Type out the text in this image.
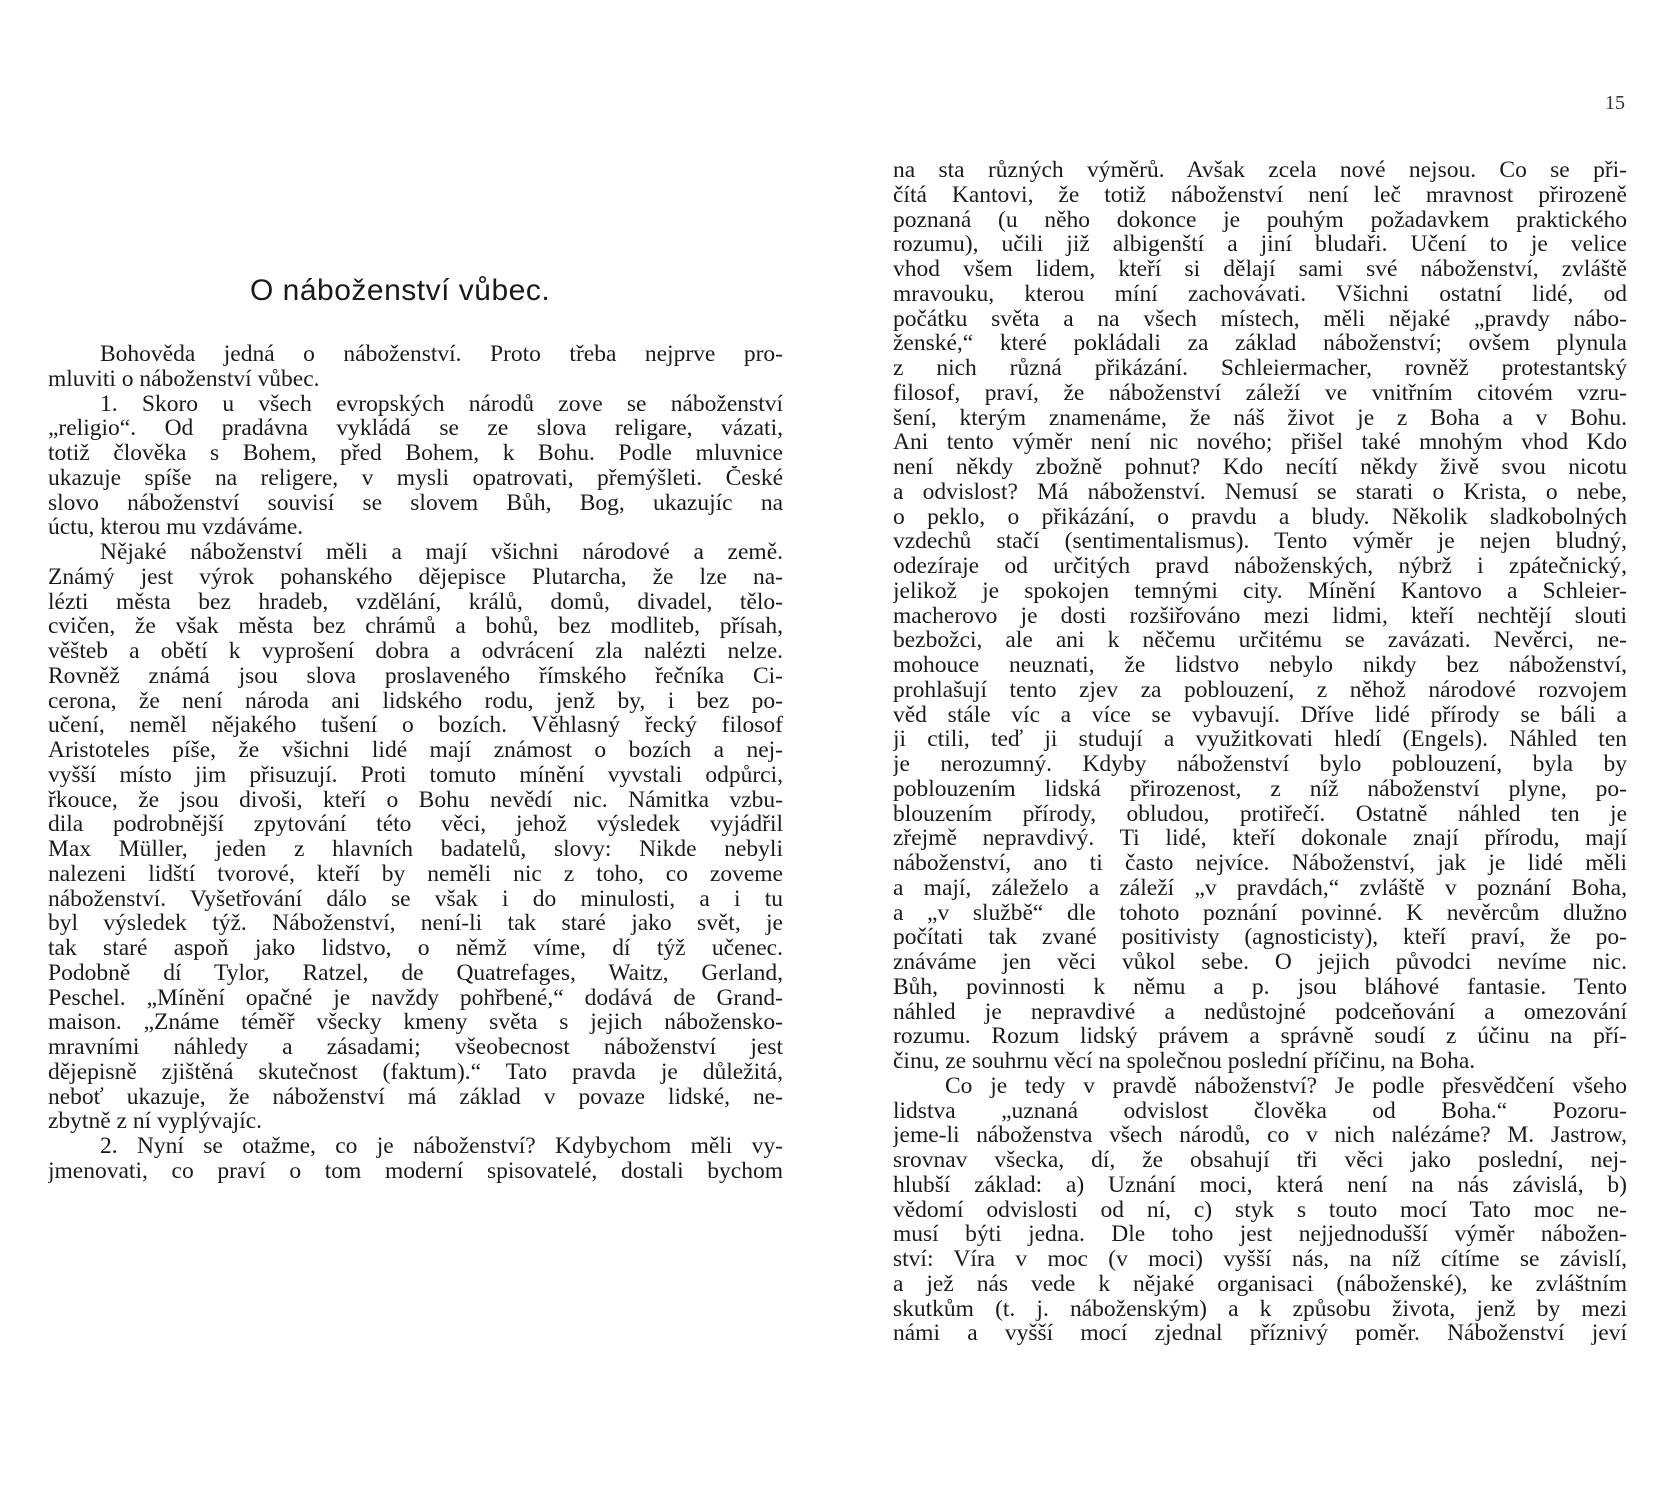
15
Bohověda jedná o náboženství. Proto třeba nejprve pro-
mluviti o náboženství vůbec.
1. Skoro u všech evropských národů zove se náboženství
„religio“. Od pradávna vykládá se ze slova religare, vázati,
totiž člověka s Bohem, před Bohem, k Bohu. Podle mluvnice
ukazuje spíše na religere, v mysli opatrovati, přemýšleti. České
slovo náboženství souvisí se slovem Bůh, Bog, ukazujíc na
úctu, kterou mu vzdáváme.
Nějaké náboženství měli a mají všichni národové a země.
Známý jest výrok pohanského dějepisce Plutarcha, že lze na-
lézti města bez hradeb, vzdělání, králů, domů, divadel, tělo-
cvičen, že však města bez chrámů a bohů, bez modliteb, přísah,
věšteb a obětí k vyprošení dobra a odvrácení zla nalézti nelze.
Rovněž známá jsou slova proslaveného římského řečníka Ci-
cerona, že není národa ani lidského rodu, jenž by, i bez po-
učení, neměl nějakého tušení o bozích. Věhlasný řecký filosof
Aristoteles píše, že všichni lidé mají známost o bozích a nej-
vyšší místo jim přisuzují. Proti tomuto mínění vyvstali odpůrci,
řkouce, že jsou divoši, kteří o Bohu nevědí nic. Námitka vzbu-
dila podrobnější zpytování této věci, jehož výsledek vyjádřil
Max Müller, jeden z hlavních badatelů, slovy: Nikde nebyli
nalezeni lidští tvorové, kteří by neměli nic z toho, co zoveme
náboženství. Vyšetřování dálo se však i do minulosti, a i tu
byl výsledek týž. Náboženství, není-li tak staré jako svět, je
tak staré aspoň jako lidstvo, o němž víme, dí týž učenec.
Podobně dí Tylor, Ratzel, de Quatrefages, Waitz, Gerland,
Peschel. „Mínění opačné je navždy pohřbené,“ dodává de Grand-
maison. „Známe téměř všecky kmeny světa s jejich nábožensko-
mravními náhledy a zásadami; všeobecnost náboženství jest
dějepisně zjištěná skutečnost (faktum).“ Tato pravda je důležitá,
neboť ukazuje, že náboženství má základ v povaze lidské, ne-
zbytně z ní vyplývajíc.
2. Nyní se otažme, co je náboženství? Kdybychom měli vy-
jmenovati, co praví o tom moderní spisovatelé, dostali bychom
O náboženství vůbec.
na sta různých výměrů. Avšak zcela nové nejsou. Co se při-
čítá Kantovi, že totiž náboženství není leč mravnost přirozeně
poznaná (u něho dokonce je pouhým požadavkem praktického
rozumu), učili již albigenští a jiní bludaři. Učení to je velice
vhod všem lidem, kteří si dělají sami své náboženství, zvláště
mravouku, kterou míní zachovávati. Všichni ostatní lidé, od
počátku světa a na všech místech, měli nějaké „pravdy nábo-
ženské,“ které pokládali za základ náboženství; ovšem plynula
z nich různá přikázání. Schleiermacher, rovněž protestantský
filosof, praví, že náboženství záleží ve vnitřním citovém vzru-
šení, kterým znamenáme, že náš život je z Boha a v Bohu.
Ani tento výměr není nic nového; přišel také mnohým vhod Kdo
není někdy zbožně pohnut? Kdo necítí někdy živě svou nicotu
a odvislost? Má náboženství. Nemusí se starati o Krista, o nebe,
o peklo, o přikázání, o pravdu a bludy. Několik sladkobolných
vzdechů stačí (sentimentalismus). Tento výměr je nejen bludný,
odezíraje od určitých pravd náboženských, nýbrž i zpátečnický,
jelikož je spokojen temnými city. Mínění Kantovo a Schleier-
macherovo je dosti rozšiřováno mezi lidmi, kteří nechtějí slouti
bezbožci, ale ani k něčemu určitému se zavázati. Nevěrci, ne-
mohouce neuznati, že lidstvo nebylo nikdy bez náboženství,
prohlašují tento zjev za poblouzení, z něhož národové rozvojem
věd stále víc a více se vybavují. Dříve lidé přírody se báli a
ji ctili, teď ji studují a využitkovati hledí (Engels). Náhled ten
je nerozumný. Kdyby náboženství bylo poblouzení, byla by
poblouzením lidská přirozenost, z níž náboženství plyne, po-
blouzením přírody, obludou, protiřečí. Ostatně náhled ten je
zřejmě nepravdivý. Ti lidé, kteří dokonale znají přírodu, mají
náboženství, ano ti často nejvíce. Náboženství, jak je lidé měli
a mají, záleželo a záleží „v pravdách,“ zvláště v poznání Boha,
a „v službě“ dle tohoto poznání povinné. K nevěrcům dlužno
počítati tak zvané positivisty (agnosticisty), kteří praví, že po-
znáváme jen věci vůkol sebe. O jejich původci nevíme nic.
Bůh, povinnosti k němu a p. jsou bláhové fantasie. Tento
náhled je nepravdivé a nedůstojné podceňování a omezování
rozumu. Rozum lidský právem a správně soudí z účinu na pří-
činu, ze souhrnu věcí na společnou poslední příčinu, na Boha.
Co je tedy v pravdě náboženství? Je podle přesvědčení všeho
lidstva „uznaná odvislost člověka od Boha.“ Pozoru-
jeme-li náboženstva všech národů, co v nich nalézáme? M. Jastrow,
srovnav všecka, dí, že obsahují tři věci jako poslední, nej-
hlubší základ: a) Uznání moci, která není na nás závislá, b)
vědomí odvislosti od ní, c) styk s touto mocí Tato moc ne-
musí býti jedna. Dle toho jest nejjednodušší výměr nábožen-
ství: Víra v moc (v moci) vyšší nás, na níž cítíme se závislí,
a jež nás vede k nějaké organisaci (náboženské), ke zvláštním
skutkům (t. j. náboženským) a k způsobu života, jenž by mezi
námi a vyšší mocí zjednal příznivý poměr. Náboženství jeví
